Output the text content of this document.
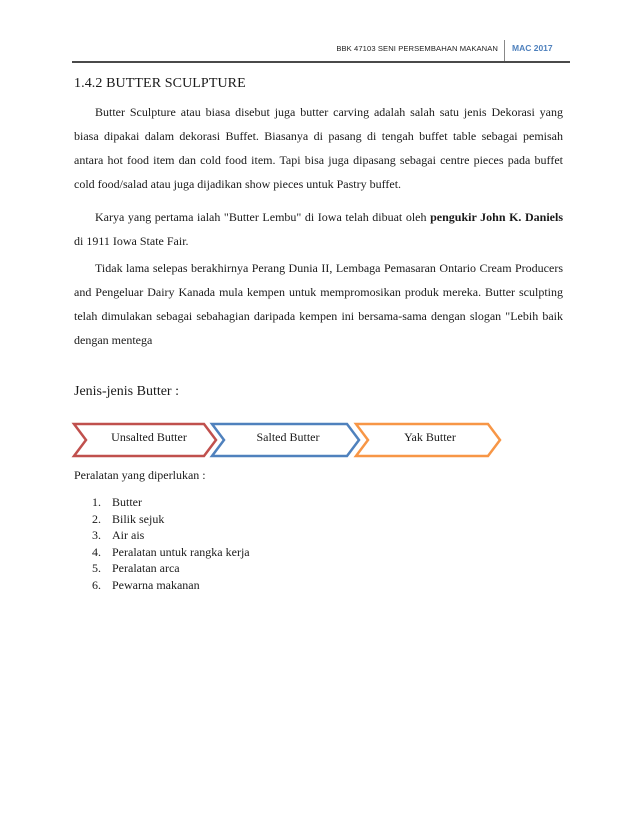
BBK 47103 SENI PERSEMBAHAN MAKANAN MAC 2017
1.4.2 BUTTER SCULPTURE

Butter Sculpture atau biasa disebut juga butter carving adalah salah satu jenis Dekorasi yang biasa dipakai dalam dekorasi Buffet. Biasanya di pasang di tengah buffet table sebagai pemisah antara hot food item dan cold food item. Tapi bisa juga dipasang sebagai centre pieces pada buffet cold food/salad atau juga dijadikan show pieces untuk Pastry buffet.

Karya yang pertama ialah "Butter Lembu" di Iowa telah dibuat oleh pengukir John K. Daniels di 1911 Iowa State Fair.

Tidak lama selepas berakhirnya Perang Dunia II, Lembaga Pemasaran Ontario Cream Producers and Pengeluar Dairy Kanada mula kempen untuk mempromosikan produk mereka. Butter sculpting telah dimulakan sebagai sebahagian daripada kempen ini bersama-sama dengan slogan "Lebih baik dengan mentega

Jenis-jenis Butter :
Unsalted Butter	Salted Butter	Yak Butter
Peralatan yang diperlukan :
1. Butter
2. Bilik sejuk
3. Air ais
4. Peralatan untuk rangka kerja
5. Peralatan arca
6. Pewarna makanan
